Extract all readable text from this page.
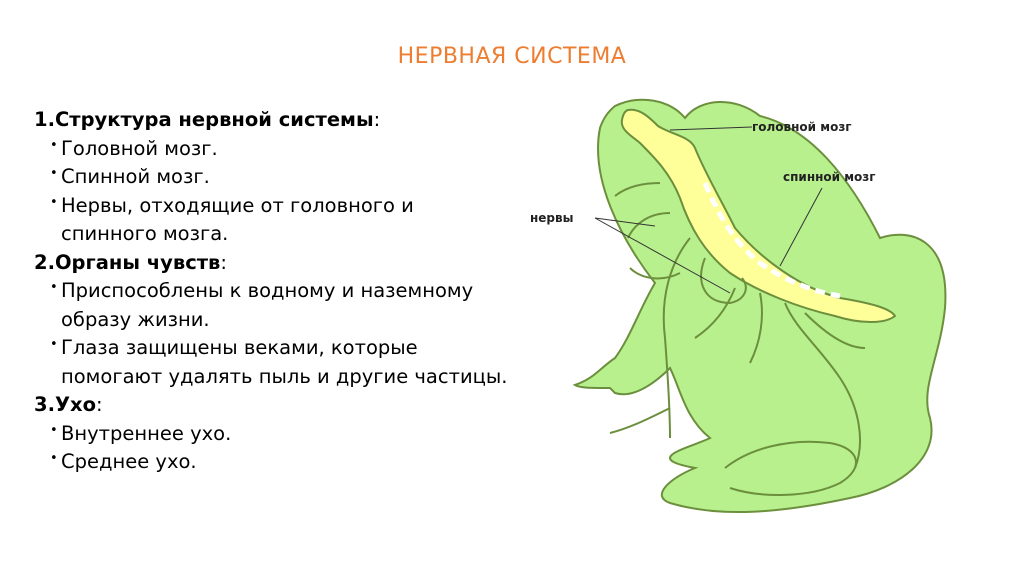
НЕРВНАЯ СИСТЕМА
1.Структура нервной системы:
• Головной мозг.
• Спинной мозг.
• Нервы, отходящие от головного и спинного мозга.
2.Органы чувств:
• Приспособлены к водному и наземному образу жизни.
• Глаза защищены веками, которые помогают удалять пыль и другие частицы.
3.Ухо:
• Внутреннее ухо.
• Среднее ухо.
головной мозг
спинной мозг
нервы
